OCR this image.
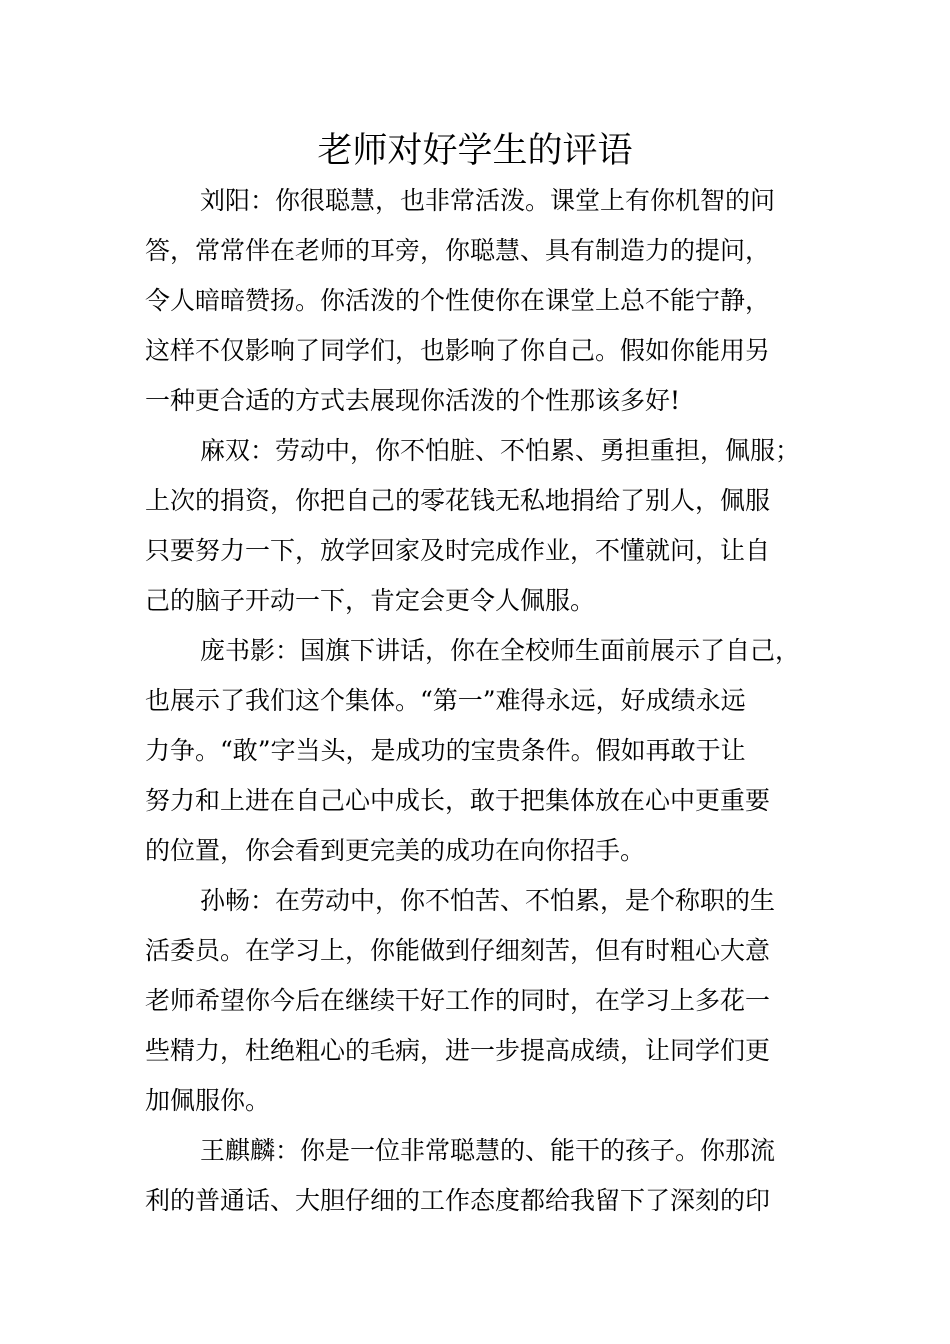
老师对好学生的评语
刘阳：你很聪慧，也非常活泼。课堂上有你机智的问
答，常常伴在老师的耳旁，你聪慧、具有制造力的提问，
令人暗暗赞扬。你活泼的个性使你在课堂上总不能宁静，
这样不仅影响了同学们，也影响了你自己。假如你能用另
一种更合适的方式去展现你活泼的个性那该多好!
麻双：劳动中，你不怕脏、不怕累、勇担重担，佩服；
上次的捐资，你把自己的零花钱无私地捐给了别人，佩服
只要努力一下，放学回家及时完成作业，不懂就问，让自
己的脑子开动一下，肯定会更令人佩服。
庞书影：国旗下讲话，你在全校师生面前展示了自己，
也展示了我们这个集体。“第一”难得永远，好成绩永远
力争。“敢”字当头，是成功的宝贵条件。假如再敢于让
努力和上进在自己心中成长，敢于把集体放在心中更重要
的位置，你会看到更完美的成功在向你招手。
孙畅：在劳动中，你不怕苦、不怕累，是个称职的生
活委员。在学习上，你能做到仔细刻苦，但有时粗心大意
老师希望你今后在继续干好工作的同时，在学习上多花一
些精力，杜绝粗心的毛病，进一步提高成绩，让同学们更
加佩服你。
王麒麟：你是一位非常聪慧的、能干的孩子。你那流
利的普通话、大胆仔细的工作态度都给我留下了深刻的印
